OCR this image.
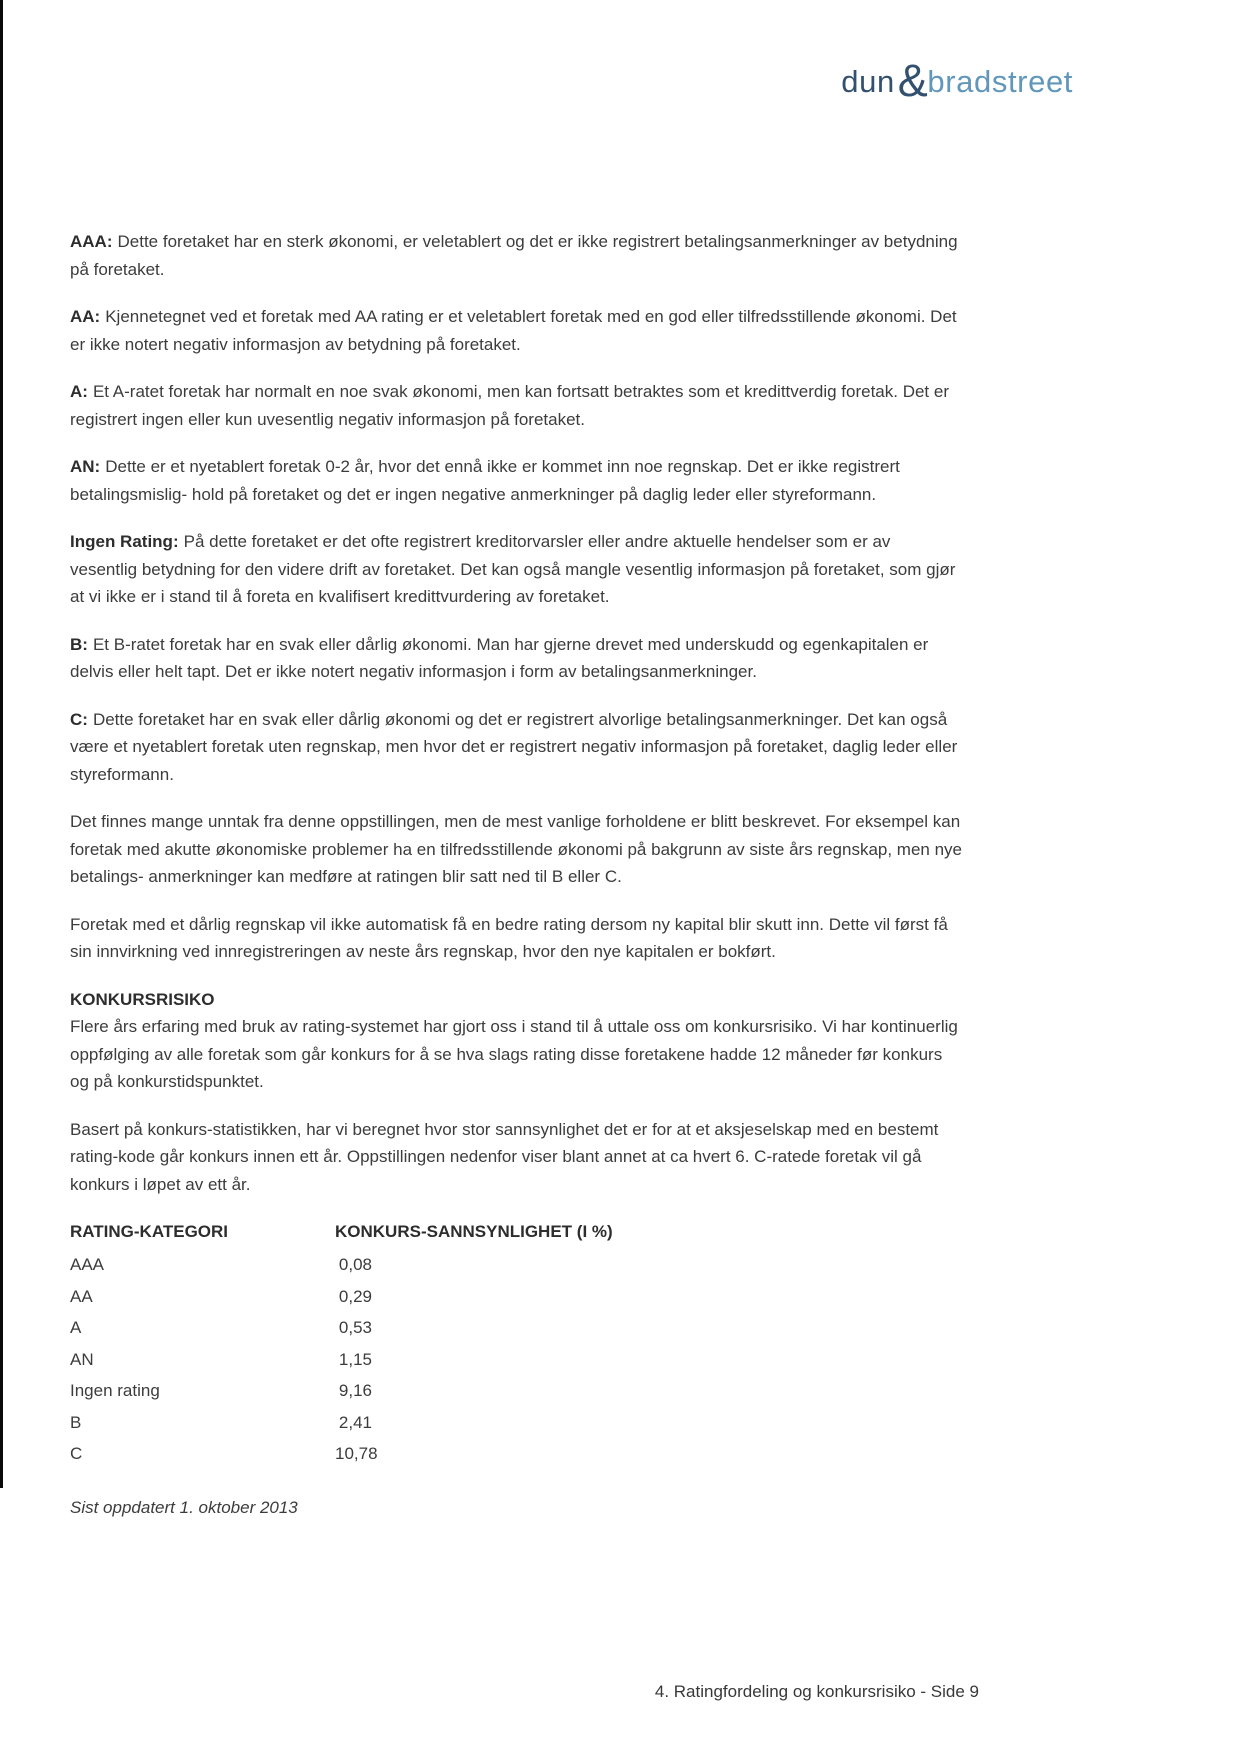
dun&bradstreet

AAA: Dette foretaket har en sterk økonomi, er veletablert og det er ikke registrert betalingsanmerkninger av betydning på foretaket.

AA: Kjennetegnet ved et foretak med AA rating er et veletablert foretak med en god eller tilfredsstillende økonomi. Det er ikke notert negativ informasjon av betydning på foretaket.

A: Et A-ratet foretak har normalt en noe svak økonomi, men kan fortsatt betraktes som et kredittverdig foretak. Det er registrert ingen eller kun uvesentlig negativ informasjon på foretaket.

AN: Dette er et nyetablert foretak 0-2 år, hvor det ennå ikke er kommet inn noe regnskap. Det er ikke registrert betalingsmislig- hold på foretaket og det er ingen negative anmerkninger på daglig leder eller styreformann.

Ingen Rating: På dette foretaket er det ofte registrert kreditorvarsler eller andre aktuelle hendelser som er av vesentlig betydning for den videre drift av foretaket. Det kan også mangle vesentlig informasjon på foretaket, som gjør at vi ikke er i stand til å foreta en kvalifisert kredittvurdering av foretaket.

B: Et B-ratet foretak har en svak eller dårlig økonomi. Man har gjerne drevet med underskudd og egenkapitalen er delvis eller helt tapt. Det er ikke notert negativ informasjon i form av betalingsanmerkninger.

C: Dette foretaket har en svak eller dårlig økonomi og det er registrert alvorlige betalingsanmerkninger. Det kan også være et nyetablert foretak uten regnskap, men hvor det er registrert negativ informasjon på foretaket, daglig leder eller styreformann.

Det finnes mange unntak fra denne oppstillingen, men de mest vanlige forholdene er blitt beskrevet. For eksempel kan foretak med akutte økonomiske problemer ha en tilfredsstillende økonomi på bakgrunn av siste års regnskap, men nye betalings- anmerkninger kan medføre at ratingen blir satt ned til B eller C.

Foretak med et dårlig regnskap vil ikke automatisk få en bedre rating dersom ny kapital blir skutt inn. Dette vil først få sin innvirkning ved innregistreringen av neste års regnskap, hvor den nye kapitalen er bokført.

KONKURSRISIKO

Flere års erfaring med bruk av rating-systemet har gjort oss i stand til å uttale oss om konkursrisiko. Vi har kontinuerlig oppfølging av alle foretak som går konkurs for å se hva slags rating disse foretakene hadde 12 måneder før konkurs og på konkurstidspunktet.

Basert på konkurs-statistikken, har vi beregnet hvor stor sannsynlighet det er for at et aksjeselskap med en bestemt rating-kode går konkurs innen ett år. Oppstillingen nedenfor viser blant annet at ca hvert 6. C-ratede foretak vil gå konkurs i løpet av ett år.

RATING-KATEGORI	KONKURS-SANNSYNLIGHET (I %)
AAA	0,08
AA	0,29
A	0,53
AN	1,15
Ingen rating	9,16
B	2,41
C	10,78
Sist oppdatert 1. oktober 2013
4. Ratingfordeling og konkursrisiko - Side 9
